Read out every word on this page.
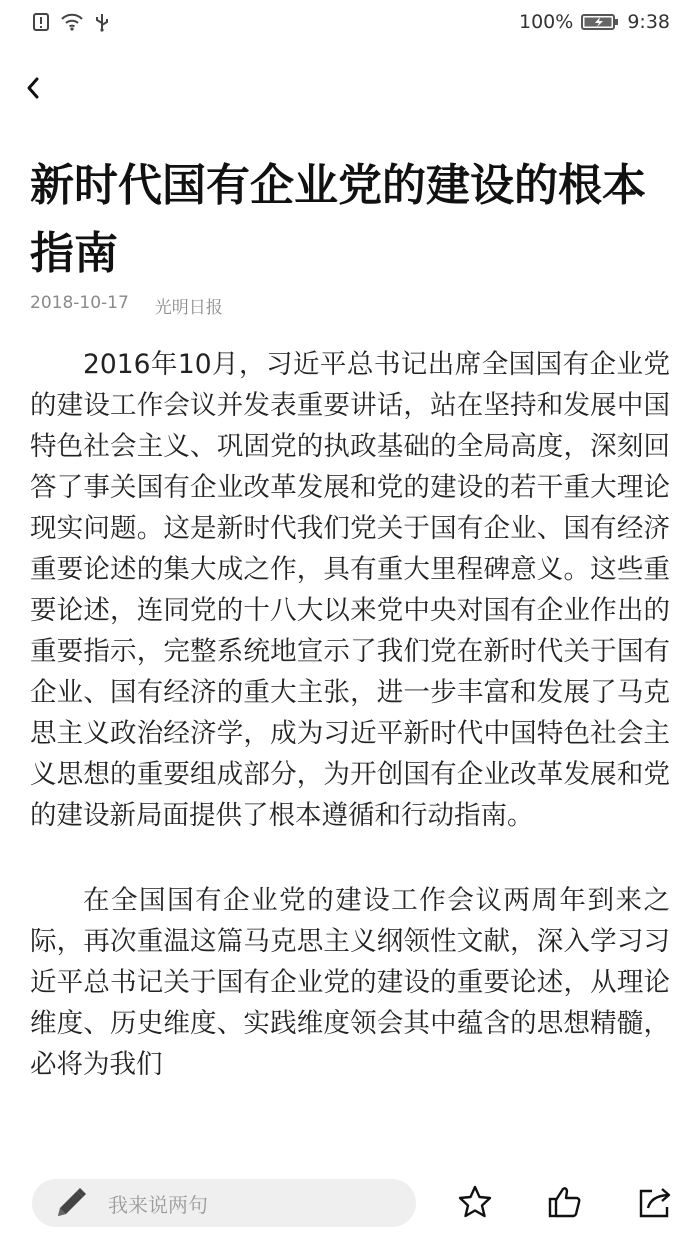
100%	9:38
新时代国有企业党的建设的根本指南
2018-10-17 光明日报

2016年10月，习近平总书记出席全国国有企业党的建设工作会议并发表重要讲话，站在坚持和发展中国特色社会主义、巩固党的执政基础的全局高度，深刻回答了事关国有企业改革发展和党的建设的若干重大理论现实问题。这是新时代我们党关于国有企业、国有经济重要论述的集大成之作，具有重大里程碑意义。这些重要论述，连同党的十八大以来党中央对国有企业作出的重要指示，完整系统地宣示了我们党在新时代关于国有企业、国有经济的重大主张，进一步丰富和发展了马克思主义政治经济学，成为习近平新时代中国特色社会主义思想的重要组成部分，为开创国有企业改革发展和党的建设新局面提供了根本遵循和行动指南。

在全国国有企业党的建设工作会议两周年到来之际，再次重温这篇马克思主义纲领性文献，深入学习习近平总书记关于国有企业党的建设的重要论述，从理论维度、历史维度、实践维度领会其中蕴含的思想精髓，必将为我们

我来说两句
